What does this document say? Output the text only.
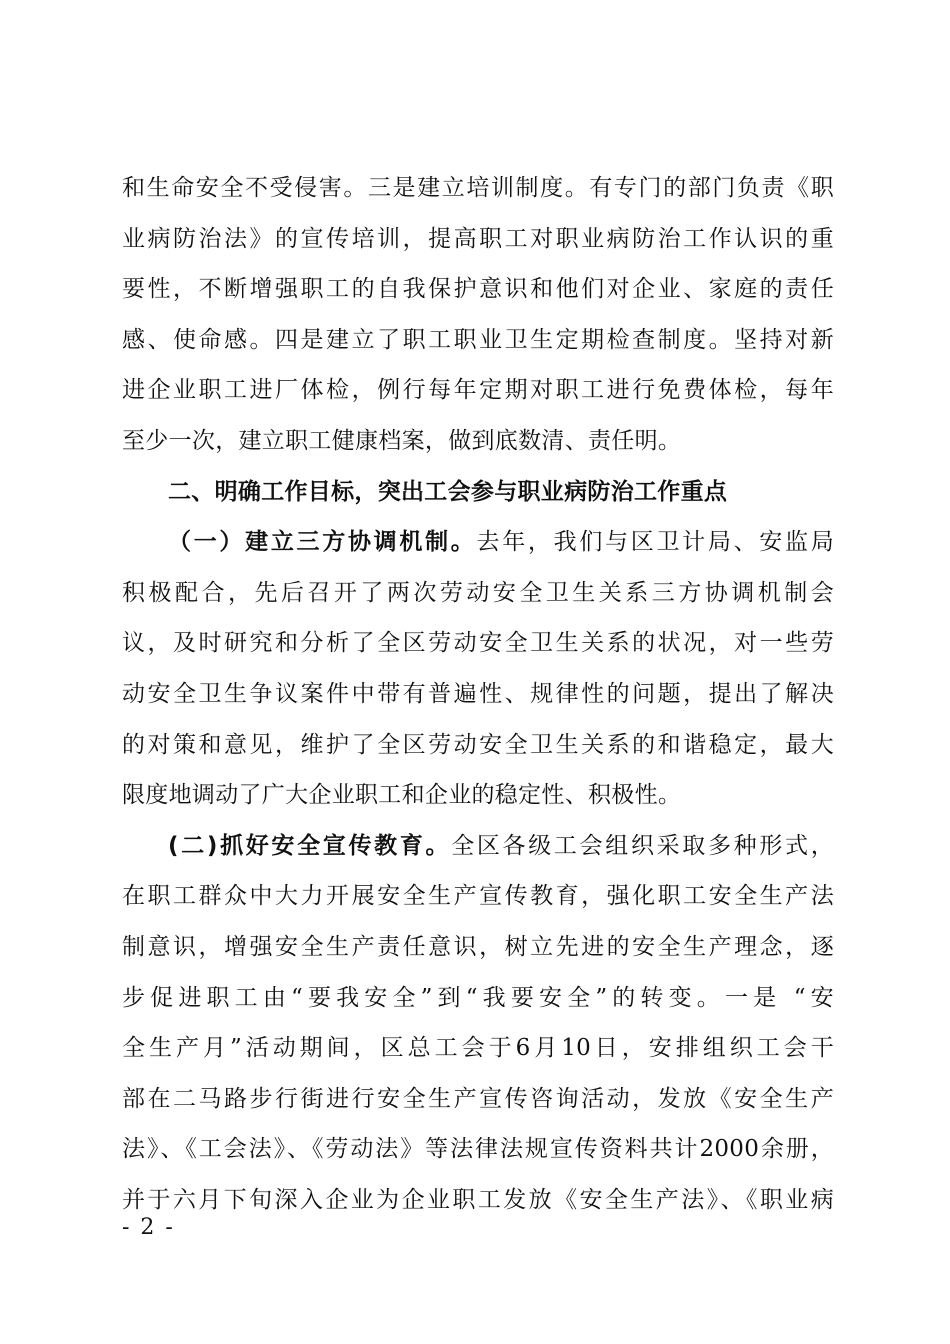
和生命安全不受侵害。三是建立培训制度。有专门的部门负责《职
业病防治法》的宣传培训，提高职工对职业病防治工作认识的重
要性，不断增强职工的自我保护意识和他们对企业、家庭的责任
感、使命感。四是建立了职工职业卫生定期检查制度。坚持对新
进企业职工进厂体检，例行每年定期对职工进行免费体检，每年
至少一次，建立职工健康档案，做到底数清、责任明。
二、明确工作目标，突出工会参与职业病防治工作重点
（一）建立三方协调机制。去年，我们与区卫计局、安监局
积极配合，先后召开了两次劳动安全卫生关系三方协调机制会
议，及时研究和分析了全区劳动安全卫生关系的状况，对一些劳
动安全卫生争议案件中带有普遍性、规律性的问题，提出了解决
的对策和意见，维护了全区劳动安全卫生关系的和谐稳定，最大
限度地调动了广大企业职工和企业的稳定性、积极性。
(二)抓好安全宣传教育。全区各级工会组织采取多种形式，
在职工群众中大力开展安全生产宣传教育，强化职工安全生产法
制意识，增强安全生产责任意识，树立先进的安全生产理念，逐
步促进职工由“要我安全”到“我要安全”的转变。一是 “安
全生产月”活动期间，区总工会于6月10日，安排组织工会干
部在二马路步行街进行安全生产宣传咨询活动，发放《安全生产
法》、《工会法》、《劳动法》等法律法规宣传资料共计2000余册，
并于六月下旬深入企业为企业职工发放《安全生产法》、《职业病
- 2 -
